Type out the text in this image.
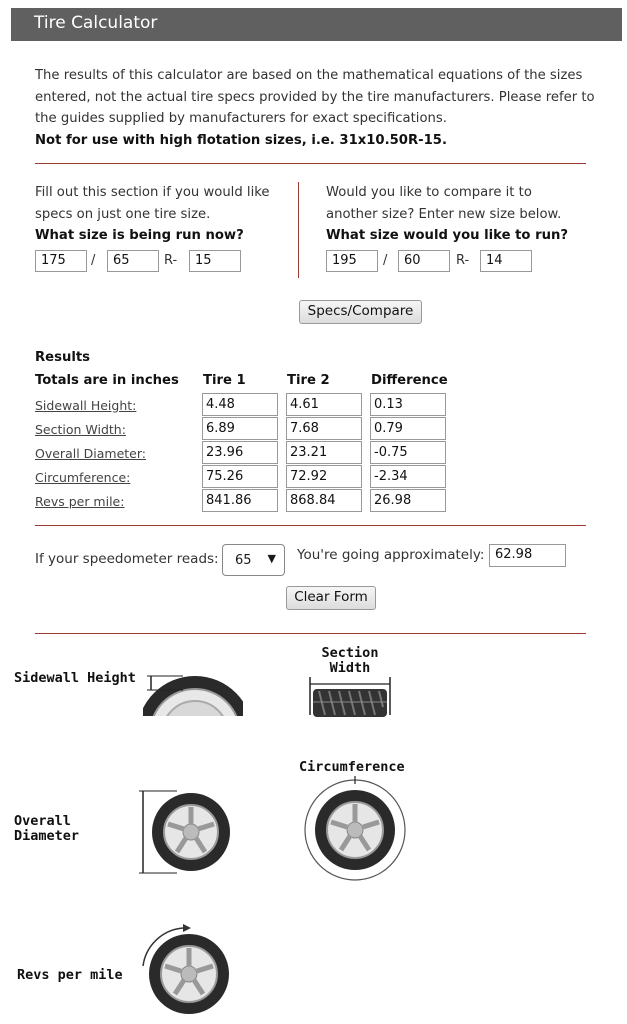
Tire Calculator
The results of this calculator are based on the mathematical equations of the sizes entered, not the actual tire specs provided by the tire manufacturers. Please refer to the guides supplied by manufacturers for exact specifications.
Not for use with high flotation sizes, i.e. 31x10.50R-15.
Fill out this section if you would like specs on just one tire size.
What size is being run now?
175	/	65	R-	15
Would you like to compare it to another size? Enter new size below.
What size would you like to run?
195	/	60	R-	14
Specs/Compare
Results
Totals are in inches Tire 1	Tire 2	Difference
Sidewall Height:	4.48	4.61	0.13
Section Width:	6.89	7.68	0.79
Overall Diameter:	23.96	23.21	-0.75
Circumference:	75.26	72.92	-2.34
Revs per mile:	841.86	868.84	26.98
If your speedometer reads: 65 ▼ You're going approximately: 62.98
Clear Form
Sidewall Height
Section
Width
Overall
Diameter
Circumference
Revs per mile
